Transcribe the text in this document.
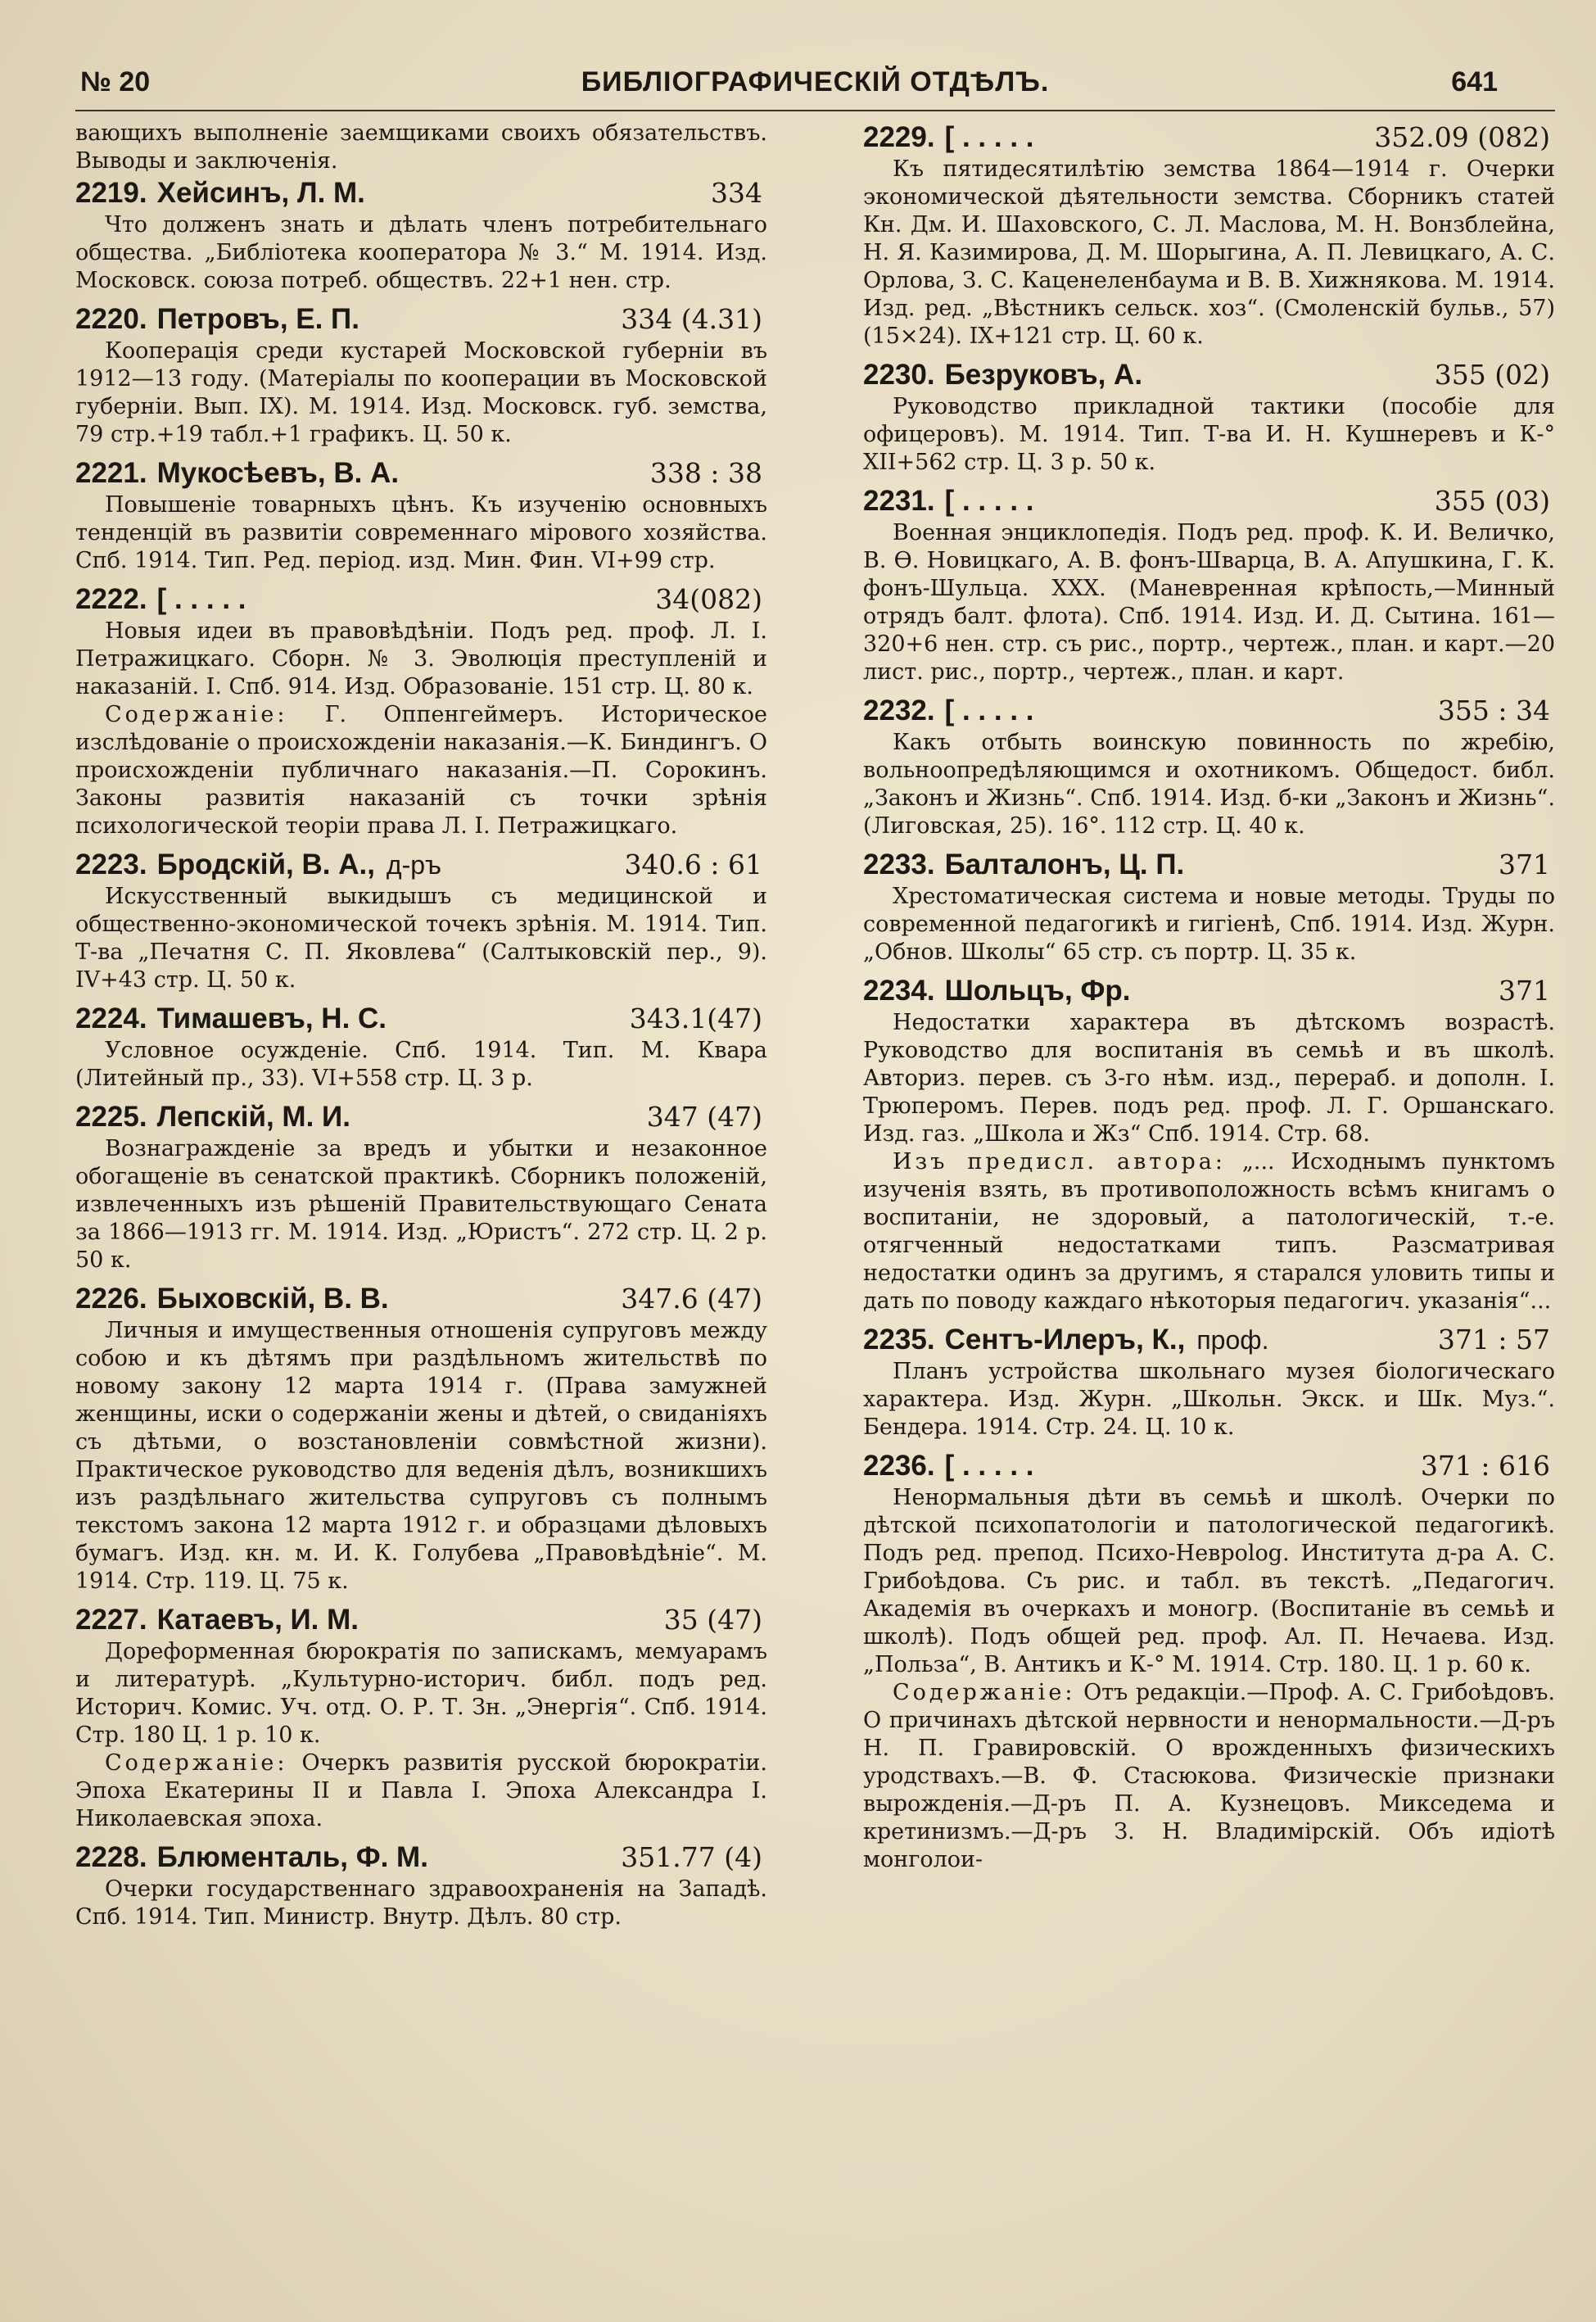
№ 20	БИБЛІОГРАФИЧЕСКІЙ ОТДѢЛЪ.	641

вающихъ выполненіе заемщиками своихъ обязательствъ. Выводы и заключенія.

2219. Хейсинъ, Л. М.	334

Что долженъ знать и дѣлать членъ потребительнаго общества. „Библіотека кооператора № 3.“ М. 1914. Изд. Московск. союза потреб. обществъ. 22+1 нен. стр.

2220. Петровъ, Е. П.	334 (4.31)

Кооперація среди кустарей Московской губерніи въ 1912—13 году. (Матеріалы по кооперации въ Московской губерніи. Вып. IX). М. 1914. Изд. Московск. губ. земства, 79 стр.+19 табл.+1 графикъ. Ц. 50 к.

2221. Мукосѣевъ, В. А.	338 : 38

Повышеніе товарныхъ цѣнъ. Къ изученію основныхъ тенденцій въ развитіи современнаго мірового хозяйства. Спб. 1914. Тип. Ред. період. изд. Мин. Фин. VI+99 стр.

2222. [ . . . . .	34(082)

Новыя идеи въ правовѣдѣніи. Подъ ред. проф. Л. І. Петражицкаго. Сборн. № 3. Эволюція преступленій и наказаній. І. Спб. 914. Изд. Образованіе. 151 стр. Ц. 80 к.

Содержаніе: Г. Оппенгеймеръ. Историческое изслѣдованіе о происхожденіи наказанія.—К. Биндингъ. О происхожденіи публичнаго наказанія.—П. Сорокинъ. Законы развитія наказаній съ точки зрѣнія психологической теоріи права Л. І. Петражицкаго.

2223. Бродскій, В. А., д-ръ	340.6 : 61

Искусственный выкидышъ съ медицинской и общественно-экономической точекъ зрѣнія. М. 1914. Тип. Т-ва „Печатня С. П. Яковлева“ (Салтыковскій пер., 9). IV+43 стр. Ц. 50 к.

2224. Тимашевъ, Н. С.	343.1(47)

Условное осужденіе. Спб. 1914. Тип. М. Квара (Литейный пр., 33). VI+558 стр. Ц. 3 р.

2225. Лепскій, М. И.	347 (47)

Вознагражденіе за вредъ и убытки и незаконное обогащеніе въ сенатской практикѣ. Сборникъ положеній, извлеченныхъ изъ рѣшеній Правительствующаго Сената за 1866—1913 гг. М. 1914. Изд. „Юристъ“. 272 стр. Ц. 2 р. 50 к.

2226. Быховскій, В. В.	347.6 (47)

Личныя и имущественныя отношенія супруговъ между собою и къ дѣтямъ при раздѣльномъ жительствѣ по новому закону 12 марта 1914 г. (Права замужней женщины, иски о содержаніи жены и дѣтей, о свиданіяхъ съ дѣтьми, о возстановленіи совмѣстной жизни). Практическое руководство для веденія дѣлъ, возникшихъ изъ раздѣльнаго жительства супруговъ съ полнымъ текстомъ закона 12 марта 1912 г. и образцами дѣловыхъ бумагъ. Изд. кн. м. И. К. Голубева „Правовѣдѣніе“. М. 1914. Стр. 119. Ц. 75 к.

2227. Катаевъ, И. М.	35 (47)

Дореформенная бюрократія по запискамъ, мемуарамъ и литературѣ. „Культурно-историч. библ. подъ ред. Историч. Комис. Уч. отд. О. Р. Т. Зн. „Энергія“. Спб. 1914. Стр. 180 Ц. 1 р. 10 к.

Содержаніе: Очеркъ развитія русской бюрократіи. Эпоха Екатерины II и Павла I. Эпоха Александра I. Николаевская эпоха.

2228. Блюменталь, Ф. М.	351.77 (4)

Очерки государственнаго здравоохраненія на Западѣ. Спб. 1914. Тип. Министр. Внутр. Дѣлъ. 80 стр.

2229. [ . . . . .	352.09 (082)

Къ пятидесятилѣтію земства 1864—1914 г. Очерки экономической дѣятельности земства. Сборникъ статей Кн. Дм. И. Шаховского, С. Л. Маслова, М. Н. Вонзблейна, Н. Я. Казимирова, Д. М. Шорыгина, А. П. Левицкаго, А. С. Орлова, З. С. Каценеленбаума и В. В. Хижнякова. М. 1914. Изд. ред. „Вѣстникъ сельск. хоз“. (Смоленскій бульв., 57) (15×24). IX+121 стр. Ц. 60 к.

2230. Безруковъ, А.	355 (02)

Руководство прикладной тактики (пособіе для офицеровъ). М. 1914. Тип. Т-ва И. Н. Кушнеревъ и К-° XII+562 стр. Ц. 3 р. 50 к.

2231. [ . . . . .	355 (03)

Военная энциклопедія. Подъ ред. проф. К. И. Величко, В. Ѳ. Новицкаго, А. В. фонъ-Шварца, В. А. Апушкина, Г. К. фонъ-Шульца. XXX. (Маневренная крѣпость,—Минный отрядъ балт. флота). Спб. 1914. Изд. И. Д. Сытина. 161—320+6 нен. стр. съ рис., портр., чертеж., план. и карт.—20 лист. рис., портр., чертеж., план. и карт.

2232. [ . . . . .	355 : 34

Какъ отбыть воинскую повинность по жребію, вольноопредѣляющимся и охотникомъ. Общедост. библ. „Законъ и Жизнь“. Спб. 1914. Изд. б-ки „Законъ и Жизнь“. (Лиговская, 25). 16°. 112 стр. Ц. 40 к.

2233. Балталонъ, Ц. П.	371

Хрестоматическая система и новые методы. Труды по современной педагогикѣ и гигіенѣ, Спб. 1914. Изд. Журн. „Обнов. Школы“ 65 стр. съ портр. Ц. 35 к.

2234. Шольцъ, Фр.	371

Недостатки характера въ дѣтскомъ возрастѣ. Руководство для воспитанія въ семьѣ и въ школѣ. Авториз. перев. съ 3-го нѣм. изд., перераб. и дополн. І. Трюперомъ. Перев. подъ ред. проф. Л. Г. Оршанскаго. Изд. газ. „Школа и Жз“ Спб. 1914. Стр. 68.

Изъ предисл. автора: „... Исходнымъ пунктомъ изученія взять, въ противоположность всѣмъ книгамъ о воспитаніи, не здоровый, а патологическій, т.-е. отягченный недостатками типъ. Разсматривая недостатки одинъ за другимъ, я старался уловить типы и дать по поводу каждаго нѣкоторыя педагогич. указанія“...

2235. Сентъ-Илеръ, К., проф.	371 : 57

Планъ устройства школьнаго музея біологическаго характера. Изд. Журн. „Школьн. Экск. и Шк. Муз.“. Бендера. 1914. Стр. 24. Ц. 10 к.

2236. [ . . . . .	371 : 616

Ненормальныя дѣти въ семьѣ и школѣ. Очерки по дѣтской психопатологіи и патологической педагогикѣ. Подъ ред. препод. Психо-Неврolog. Института д-ра А. С. Грибоѣдова. Съ рис. и табл. въ текстѣ. „Педагогич. Академія въ очеркахъ и моногр. (Воспитаніе въ семьѣ и школѣ). Подъ общей ред. проф. Ал. П. Нечаева. Изд. „Польза“, В. Антикъ и К-° М. 1914. Стр. 180. Ц. 1 р. 60 к.

Содержаніе: Отъ редакціи.—Проф. А. С. Грибоѣдовъ. О причинахъ дѣтской нервности и ненормальности.—Д-ръ Н. П. Гравировскій. О врожденныхъ физическихъ уродствахъ.—В. Ф. Стасюкова. Физическіе признаки вырожденія.—Д-ръ П. А. Кузнецовъ. Микседема и кретинизмъ.—Д-ръ З. Н. Владимірскій. Объ идіотѣ монголои-
